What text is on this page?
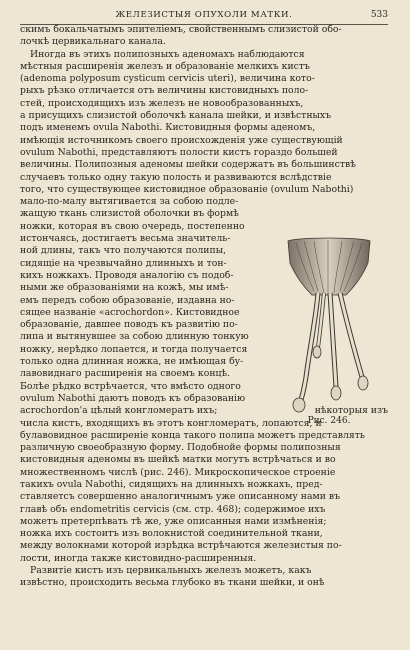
ЖЕЛЕЗИСТЫЯ ОПУХОЛИ МАТКИ.	533
скимъ бокальчатымъ эпителiемъ, свойственнымъ слизистой обо-
лочкѣ цервикальнаго канала.
Иногда въ этихъ полипозныхъ аденомахъ наблюдаются
мѣстныя расширенiя железъ и образованiе мелкихъ кистъ
(adenoma polyposum cysticum cervicis uteri), величина кото-
рыхъ рѣзко отличается отъ величины кистовидныхъ поло-
стей, происходящихъ изъ железъ не новообразованныхъ,
а присущихъ слизистой оболочкѣ канала шейки, и извѣстныхъ
подъ именемъ ovula Nabothi. Кистовидныя формы аденомъ,
имѣющiя источникомъ своего происхожденiя уже существующiй
ovulum Nabothi, представляютъ полости кистъ гораздо большей
величины. Полипозныя аденомы шейки содержатъ въ большинствѣ
случаевъ только одну такую полость и развиваются вслѣдствiе
того, что существующее кистовидное образованiе (ovulum Nabothi)
мало-по-малу вытягивается за собою подле-
жащую ткань слизистой оболочки въ формѣ
ножки, которая въ свою очередь, постепенно
истончаясь, достигаетъ весьма значитель-
ной длины, такъ что получаются полипы,
сидящiе на чрезвычайно длинныхъ и тон-
кихъ ножкахъ. Проводя аналогiю съ подоб-
ными же образованiями на кожѣ, мы имѣ-
емъ передъ собою образованiе, издавна но-
сящее названiе «acrochordon». Кистовидное
образованiе, давшее поводъ къ развитiю по-
липа и вытянувшее за собою длинную тонкую
ножку, нерѣдко лопается, и тогда получается
только одна длинная ножка, не имѣющая бу-
лавовиднаго расширенiя на своемъ концѣ.
Болѣе рѣдко встрѣчается, что вмѣсто одного
ovulum Nabothi даютъ поводъ къ образованiю
acrochordon'a цѣлый конгломератъ ихъ;	нѣкоторыя изъ
числа кистъ, входящихъ въ этотъ конгломератъ, лопаются, и
булавовидное расширенiе конца такого полипа можетъ представлять
различную своеобразную форму. Подобнойе формы полипозныя
кистовидныя аденомы въ шейкѣ матки могутъ встрѣчаться и во
множественномъ числѣ (рис. 246). Микроскопическое строенiе
такихъ ovula Nabothi, сидящихъ на длинныхъ ножкахъ, пред-
ставляетсъ совершенно аналогичнымъ уже описанному нами въ
главѣ объ endometritis cervicis (см. стр. 468); содержимое ихъ
можетъ претерпѣвать тѣ же, уже описанныя нами измѣненiя;
ножка ихъ состоитъ изъ волокнистой соединительной ткани,
между волокнами которой изрѣдка встрѣчаются железистыя по-
лости, иногда также кистовидно-расширенныя.
Развитiе кистъ изъ цервикальныхъ железъ можетъ, какъ
извѣстно, происходить весьма глубоко въ ткани шейки, и онѣ
Рис. 246.
